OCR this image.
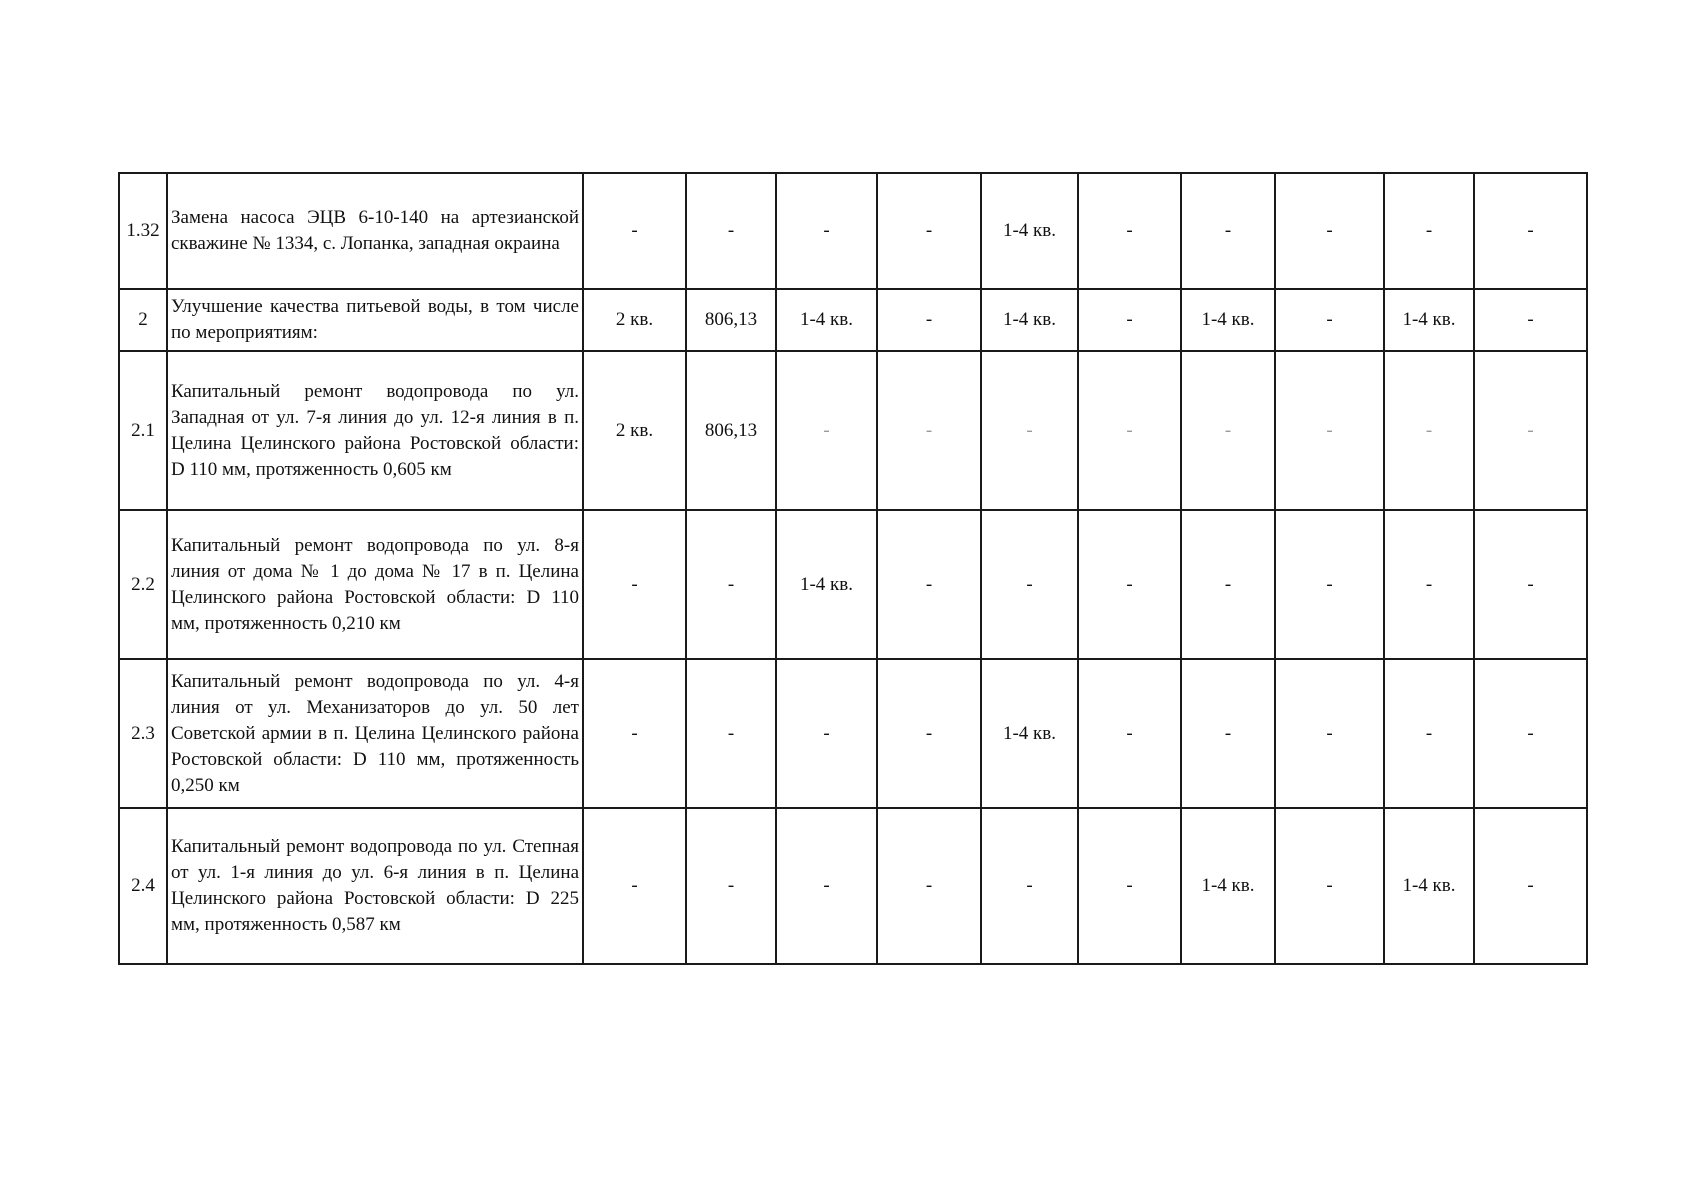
1.32	Замена насоса ЭЦВ 6-10-140 на артезианской скважине № 1334, с. Лопанка, западная окраина	-	-	-	-	1-4 кв.	-	-	-	-	-
2	Улучшение качества питьевой воды, в том числе по мероприятиям:	2 кв.	806,13	1-4 кв.	-	1-4 кв.	-	1-4 кв.	-	1-4 кв.	-
2.1	Капитальный ремонт водопровода по ул. Западная от ул. 7-я линия до ул. 12-я линия в п. Целина Целинского района Ростовской области: D 110 мм, протяженность 0,605 км	2 кв.	806,13	-	-	-	-	-	-	-	-
2.2	Капитальный ремонт водопровода по ул. 8-я линия от дома № 1 до дома № 17 в п. Целина Целинского района Ростовской области: D 110 мм, протяженность 0,210 км	-	-	1-4 кв.	-	-	-	-	-	-	-
2.3	Капитальный ремонт водопровода по ул. 4-я линия от ул. Механизаторов до ул. 50 лет Советской армии в п. Целина Целинского района Ростовской области: D 110 мм, протяженность 0,250 км	-	-	-	-	1-4 кв.	-	-	-	-	-
2.4	Капитальный ремонт водопровода по ул. Степная от ул. 1-я линия до ул. 6-я линия в п. Целина Целинского района Ростовской области: D 225 мм, протяженность 0,587 км	-	-	-	-	-	-	1-4 кв.	-	1-4 кв.	-
